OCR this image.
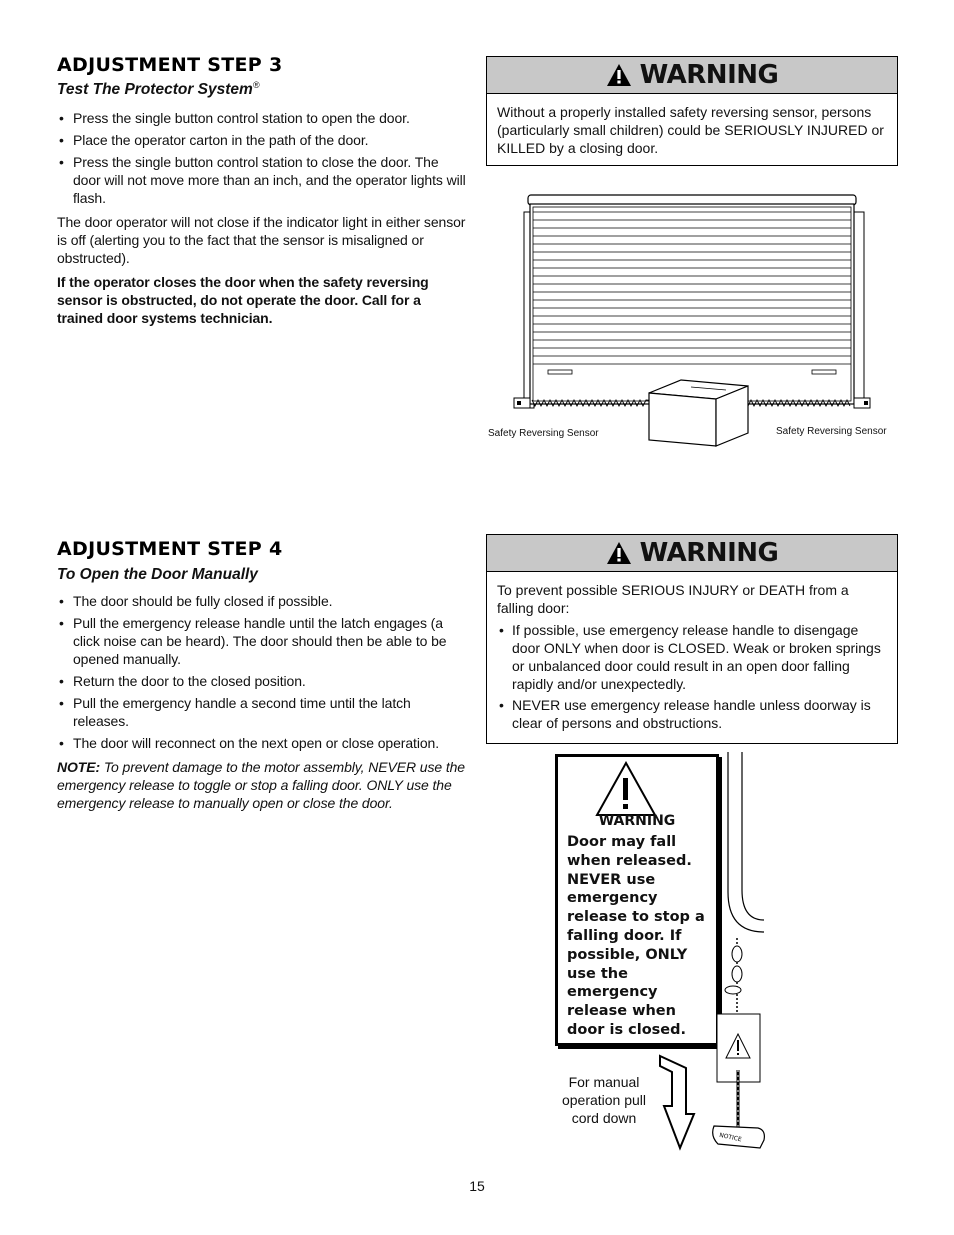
ADJUSTMENT STEP 3
Test The Protector System®
• Press the single button control station to open the door.
• Place the operator carton in the path of the door.
• Press the single button control station to close the door. The door will not move more than an inch, and the operator lights will flash.

The door operator will not close if the indicator light in either sensor is off (alerting you to the fact that the sensor is misaligned or obstructed).

If the operator closes the door when the safety reversing sensor is obstructed, do not operate the door. Call for a trained door systems technician.

WARNING
Without a properly installed safety reversing sensor, persons (particularly small children) could be SERIOUSLY INJURED or KILLED by a closing door.
Safety Reversing Sensor	Safety Reversing Sensor
ADJUSTMENT STEP 4
To Open the Door Manually
• The door should be fully closed if possible.
• Pull the emergency release handle until the latch engages (a click noise can be heard). The door should then be able to be opened manually.
• Return the door to the closed position.
• Pull the emergency handle a second time until the latch releases.
• The door will reconnect on the next open or close operation.

NOTE: To prevent damage to the motor assembly, NEVER use the emergency release to toggle or stop a falling door. ONLY use the emergency release to manually open or close the door.

WARNING
To prevent possible SERIOUS INJURY or DEATH from a falling door:
• If possible, use emergency release handle to disengage door ONLY when door is CLOSED. Weak or broken springs or unbalanced door could result in an open door falling rapidly and/or unexpectedly.
• NEVER use emergency release handle unless doorway is clear of persons and obstructions.
WARNING
Door may fall when released. NEVER use emergency release to stop a falling door. If possible, ONLY use the emergency release when door is closed.
NOTICE
For manual operation pull cord down
15
